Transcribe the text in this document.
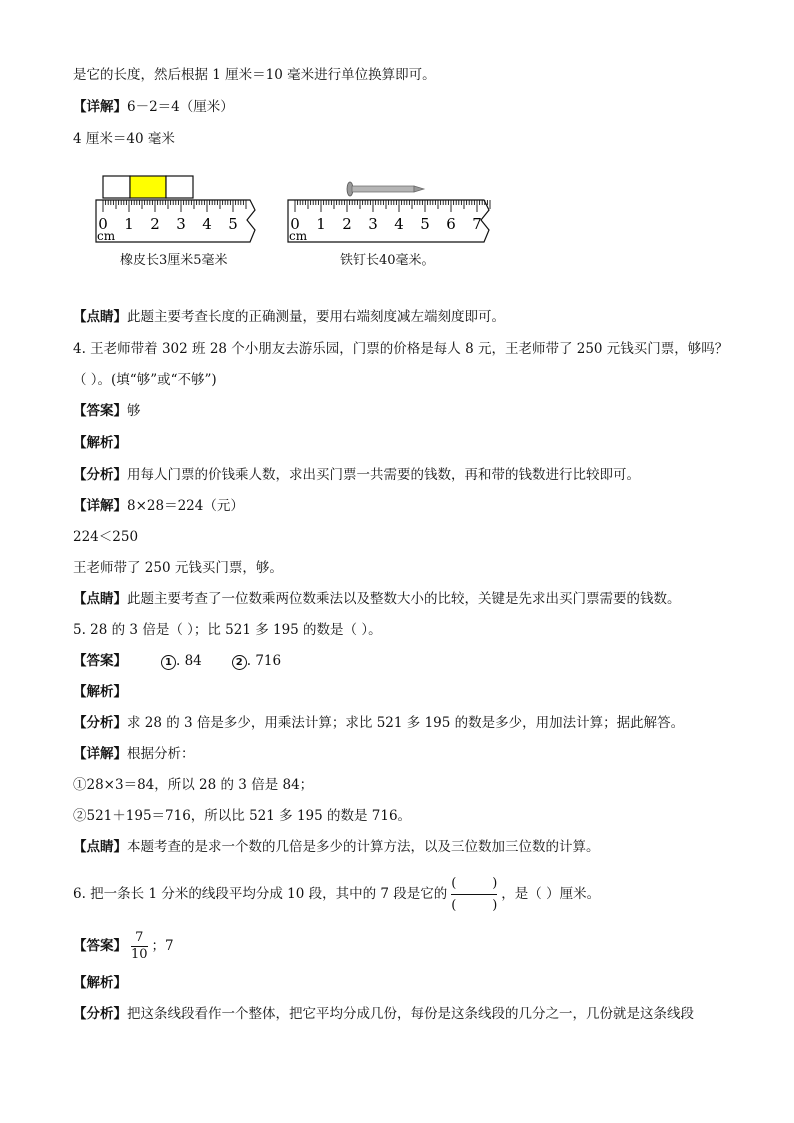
是它的长度，然后根据 1 厘米＝10 毫米进行单位换算即可。
【详解】6－2＝4（厘米）
4 厘米＝40 毫米
0 1 2 3 4 5
cm
0 1 2 3 4 5 6 7
cm
橡皮长3厘米5毫米	铁钉长40毫米。
【点睛】此题主要考查长度的正确测量，要用右端刻度减左端刻度即可。
4. 王老师带着 302 班 28 个小朋友去游乐园，门票的价格是每人 8 元，王老师带了 250 元钱买门票，够吗？
（ ）。(填“够”或“不够”)
【答案】够
【解析】
【分析】用每人门票的价钱乘人数，求出买门票一共需要的钱数，再和带的钱数进行比较即可。
【详解】8×28＝224（元）
224＜250
王老师带了 250 元钱买门票，够。
【点睛】此题主要考查了一位数乘两位数乘法以及整数大小的比较，关键是先求出买门票需要的钱数。
5. 28 的 3 倍是（ ）；比 521 多 195 的数是（ ）。
【答案】	1 . 84	2 . 716
【解析】
【分析】求 28 的 3 倍是多少，用乘法计算；求比 521 多 195 的数是多少，用加法计算；据此解答。
【详解】根据分析：
①28×3＝84，所以 28 的 3 倍是 84；
②521＋195＝716，所以比 521 多 195 的数是 716。
【点睛】本题考查的是求一个数的几倍是多少的计算方法，以及三位数加三位数的计算。
6. 把一条长 1 分米的线段平均分成 10 段，其中的 7 段是它的 (	)
(	) ，是（ ）厘米。
【答案】 $\frac{7}{10}$ ；7
【解析】
【分析】把这条线段看作一个整体，把它平均分成几份，每份是这条线段的几分之一，几份就是这条线段
